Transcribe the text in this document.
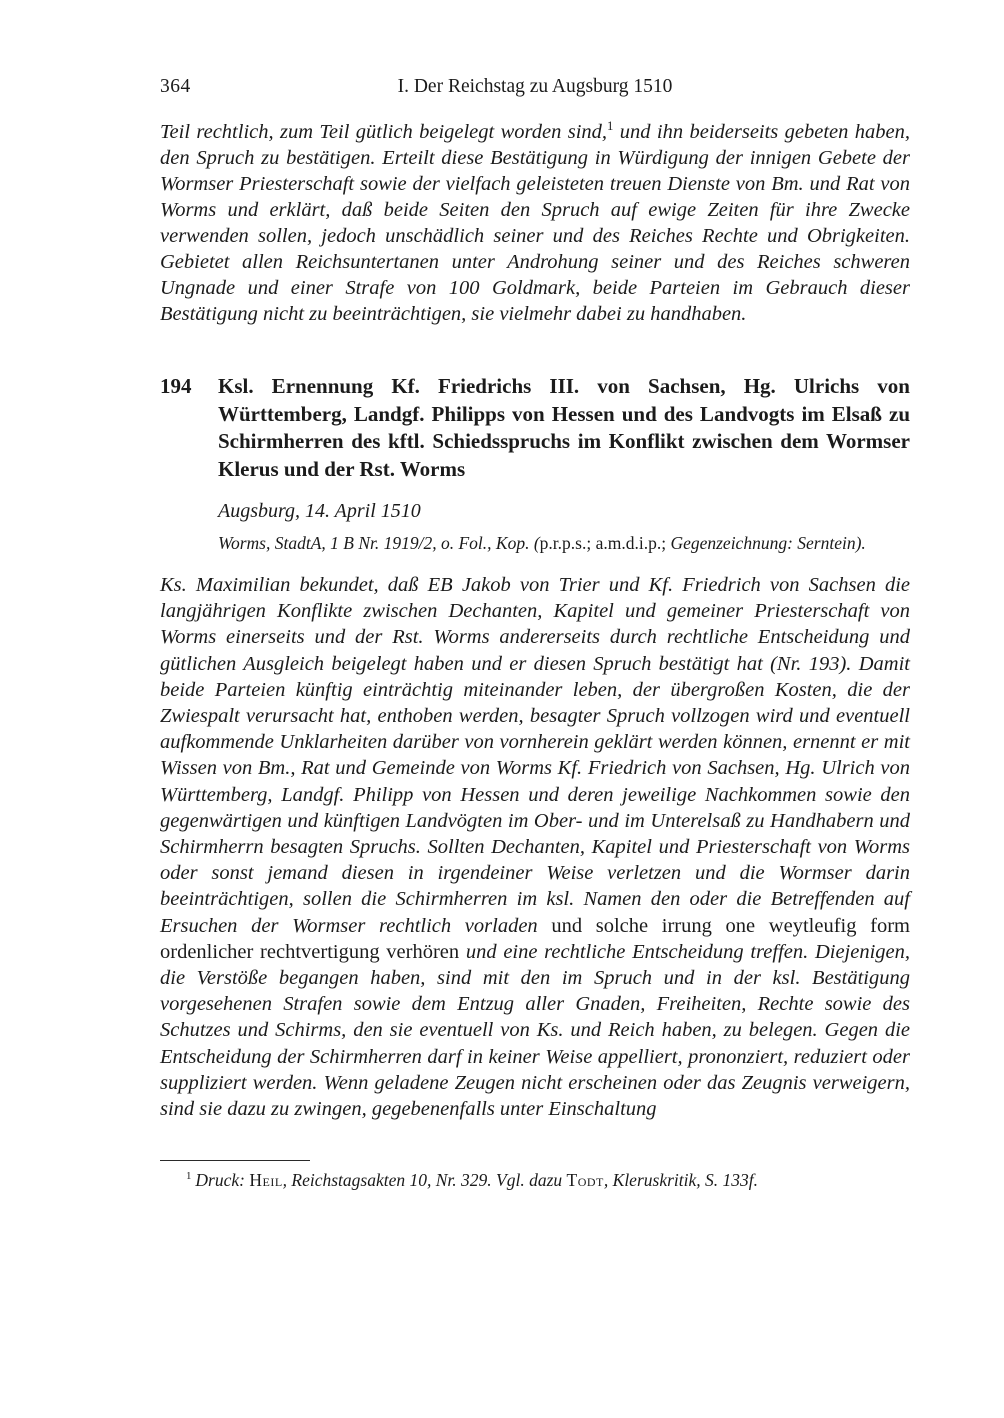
364	I. Der Reichstag zu Augsburg 1510

Teil rechtlich, zum Teil gütlich beigelegt worden sind,$^1$ und ihn beiderseits gebeten haben, den Spruch zu bestätigen. Erteilt diese Bestätigung in Würdigung der innigen Gebete der Wormser Priesterschaft sowie der vielfach geleisteten treuen Dienste von Bm. und Rat von Worms und erklärt, daß beide Seiten den Spruch auf ewige Zeiten für ihre Zwecke verwenden sollen, jedoch unschädlich seiner und des Reiches Rechte und Obrigkeiten. Gebietet allen Reichsuntertanen unter Androhung seiner und des Reiches schweren Ungnade und einer Strafe von 100 Goldmark, beide Parteien im Gebrauch dieser Bestätigung nicht zu beeinträchtigen, sie vielmehr dabei zu handhaben.

194	Ksl. Ernennung Kf. Friedrichs III. von Sachsen, Hg. Ulrichs von Württemberg, Landgf. Philipps von Hessen und des Landvogts im Elsaß zu Schirmherren des kftl. Schiedsspruchs im Konflikt zwischen dem Wormser Klerus und der Rst. Worms

Augsburg, 14. April 1510

Worms, StadtA, 1 B Nr. 1919/2, o. Fol., Kop. (p.r.p.s.; a.m.d.i.p.; Gegenzeichnung: Serntein).

Ks. Maximilian bekundet, daß EB Jakob von Trier und Kf. Friedrich von Sachsen die langjährigen Konflikte zwischen Dechanten, Kapitel und gemeiner Priesterschaft von Worms einerseits und der Rst. Worms andererseits durch rechtliche Entscheidung und gütlichen Ausgleich beigelegt haben und er diesen Spruch bestätigt hat (Nr. 193). Damit beide Parteien künftig einträchtig miteinander leben, der übergroßen Kosten, die der Zwiespalt verursacht hat, enthoben werden, besagter Spruch vollzogen wird und eventuell aufkommende Unklarheiten darüber von vornherein geklärt werden können, ernennt er mit Wissen von Bm., Rat und Gemeinde von Worms Kf. Friedrich von Sachsen, Hg. Ulrich von Württemberg, Landgf. Philipp von Hessen und deren jeweilige Nachkommen sowie den gegenwärtigen und künftigen Landvögten im Ober- und im Unterelsaß zu Handhabern und Schirmherrn besagten Spruchs. Sollten Dechanten, Kapitel und Priesterschaft von Worms oder sonst jemand diesen in irgendeiner Weise verletzen und die Wormser darin beeinträchtigen, sollen die Schirmherren im ksl. Namen den oder die Betreffenden auf Ersuchen der Wormser rechtlich vorladen und solche irrung one weytleufig form ordenlicher rechtvertigung verhören und eine rechtliche Entscheidung treffen. Diejenigen, die Verstöße begangen haben, sind mit den im Spruch und in der ksl. Bestätigung vorgesehenen Strafen sowie dem Entzug aller Gnaden, Freiheiten, Rechte sowie des Schutzes und Schirms, den sie eventuell von Ks. und Reich haben, zu belegen. Gegen die Entscheidung der Schirmherren darf in keiner Weise appelliert, prononziert, reduziert oder suppliziert werden. Wenn geladene Zeugen nicht erscheinen oder das Zeugnis verweigern, sind sie dazu zu zwingen, gegebenenfalls unter Einschaltung

$^1$ Druck: Heil, Reichstagsakten 10, Nr. 329. Vgl. dazu Todt, Kleruskritik, S. 133f.
